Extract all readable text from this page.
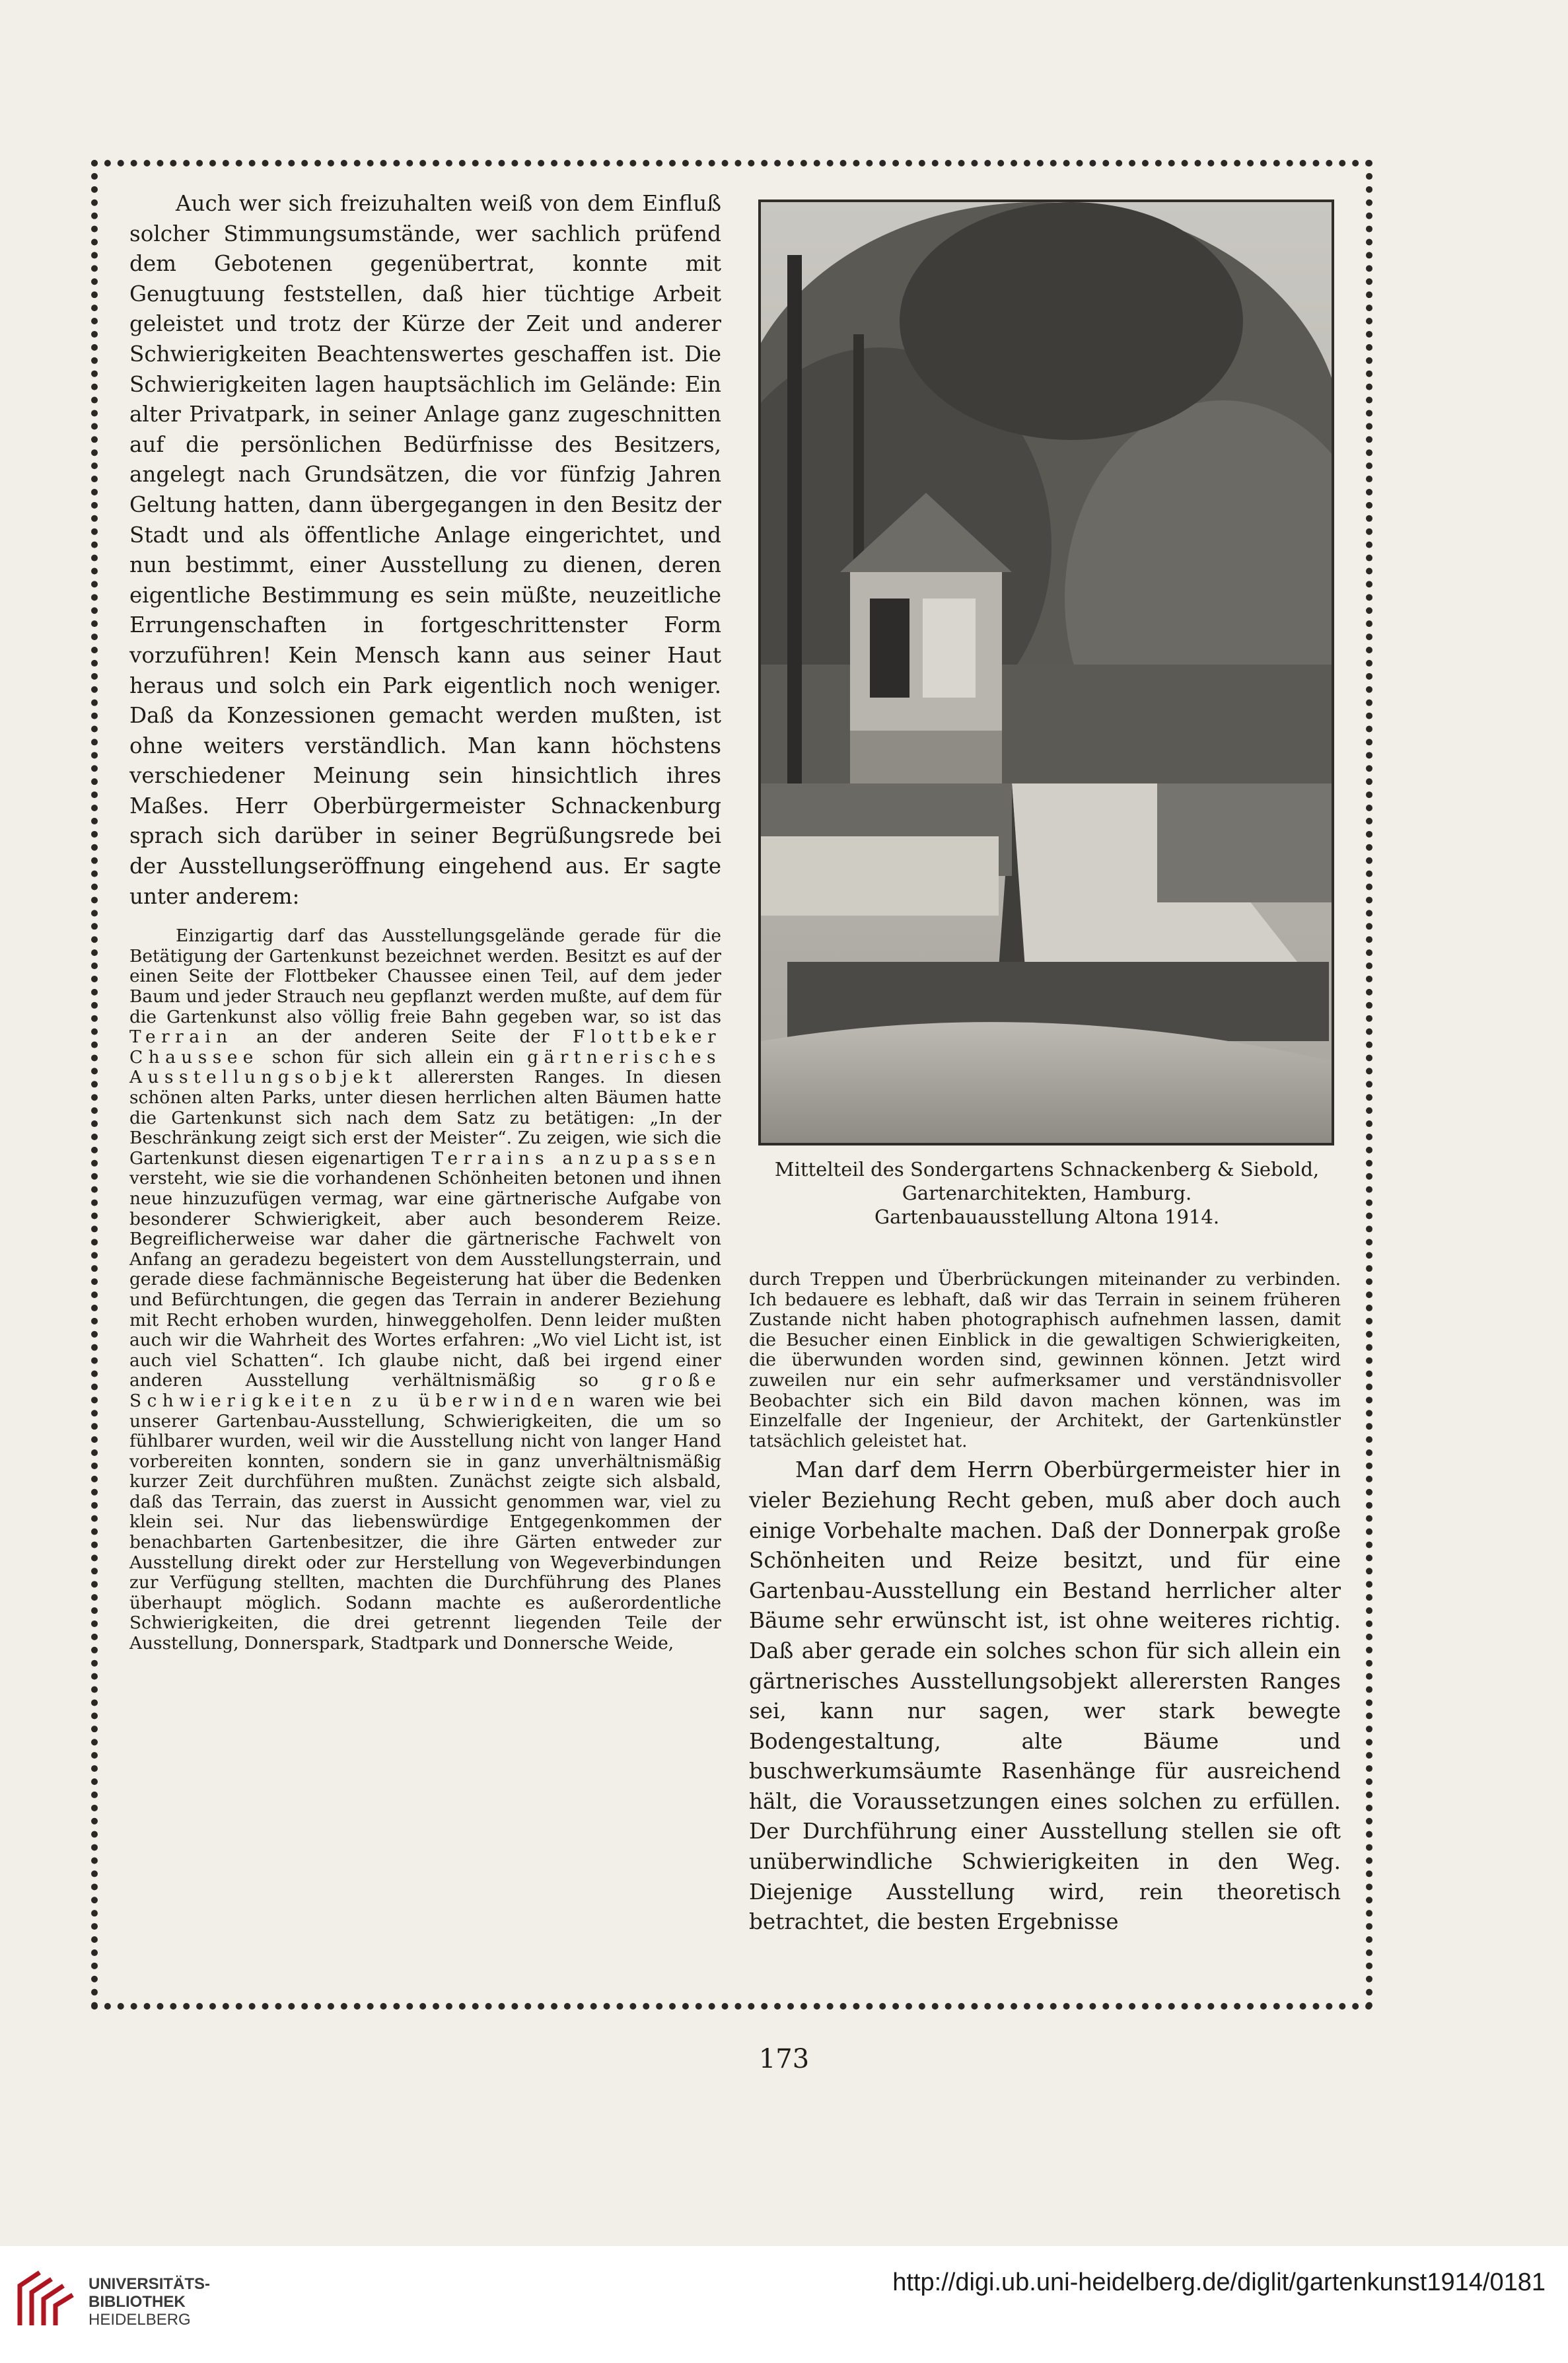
Auch wer sich freizuhalten weiß von dem Einfluß solcher Stimmungsumstände, wer sachlich prüfend dem Gebotenen gegenübertrat, konnte mit Genugtuung feststellen, daß hier tüchtige Arbeit geleistet und trotz der Kürze der Zeit und anderer Schwierigkeiten Beachtenswertes geschaffen ist. Die Schwierigkeiten lagen hauptsächlich im Gelände: Ein alter Privatpark, in seiner Anlage ganz zugeschnitten auf die persönlichen Bedürfnisse des Besitzers, angelegt nach Grundsätzen, die vor fünfzig Jahren Geltung hatten, dann übergegangen in den Besitz der Stadt und als öffentliche Anlage eingerichtet, und nun bestimmt, einer Ausstellung zu dienen, deren eigentliche Bestimmung es sein müßte, neuzeitliche Errungenschaften in fortgeschrittenster Form vorzuführen! Kein Mensch kann aus seiner Haut heraus und solch ein Park eigentlich noch weniger. Daß da Konzessionen gemacht werden mußten, ist ohne weiters verständlich. Man kann höchstens verschiedener Meinung sein hinsichtlich ihres Maßes. Herr Oberbürgermeister Schnackenburg sprach sich darüber in seiner Begrüßungsrede bei der Ausstellungseröffnung eingehend aus. Er sagte unter anderem:

Einzigartig darf das Ausstellungsgelände gerade für die Betätigung der Gartenkunst bezeichnet werden. Besitzt es auf der einen Seite der Flottbeker Chaussee einen Teil, auf dem jeder Baum und jeder Strauch neu gepflanzt werden mußte, auf dem für die Gartenkunst also völlig freie Bahn gegeben war, so ist das Terrain an der anderen Seite der Flottbeker Chaussee schon für sich allein ein gärtnerisches Ausstellungsobjekt allerersten Ranges. In diesen schönen alten Parks, unter diesen herrlichen alten Bäumen hatte die Gartenkunst sich nach dem Satz zu betätigen: „In der Beschränkung zeigt sich erst der Meister“. Zu zeigen, wie sich die Gartenkunst diesen eigenartigen Terrains anzupassen versteht, wie sie die vorhandenen Schönheiten betonen und ihnen neue hinzuzufügen vermag, war eine gärtnerische Aufgabe von besonderer Schwierigkeit, aber auch besonderem Reize. Begreiflicherweise war daher die gärtnerische Fachwelt von Anfang an geradezu begeistert von dem Ausstellungsterrain, und gerade diese fachmännische Begeisterung hat über die Bedenken und Befürchtungen, die gegen das Terrain in anderer Beziehung mit Recht erhoben wurden, hinweggeholfen. Denn leider mußten auch wir die Wahrheit des Wortes erfahren: „Wo viel Licht ist, ist auch viel Schatten“. Ich glaube nicht, daß bei irgend einer anderen Ausstellung verhältnismäßig so große Schwierigkeiten zu überwinden waren wie bei unserer Gartenbau-Ausstellung, Schwierigkeiten, die um so fühlbarer wurden, weil wir die Ausstellung nicht von langer Hand vorbereiten konnten, sondern sie in ganz unverhältnismäßig kurzer Zeit durchführen mußten. Zunächst zeigte sich alsbald, daß das Terrain, das zuerst in Aussicht genommen war, viel zu klein sei. Nur das liebenswürdige Entgegenkommen der benachbarten Gartenbesitzer, die ihre Gärten entweder zur Ausstellung direkt oder zur Herstellung von Wegeverbindungen zur Verfügung stellten, machten die Durchführung des Planes überhaupt möglich. Sodann machte es außerordentliche Schwierigkeiten, die drei getrennt liegenden Teile der Ausstellung, Donnerspark, Stadtpark und Donnersche Weide,

Mittelteil des Sondergartens Schnackenberg & Siebold,

Gartenarchitekten, Hamburg.

Gartenbauausstellung Altona 1914.

durch Treppen und Überbrückungen miteinander zu verbinden. Ich bedauere es lebhaft, daß wir das Terrain in seinem früheren Zustande nicht haben photographisch aufnehmen lassen, damit die Besucher einen Einblick in die gewaltigen Schwierigkeiten, die überwunden worden sind, gewinnen können. Jetzt wird zuweilen nur ein sehr aufmerksamer und verständnisvoller Beobachter sich ein Bild davon machen können, was im Einzelfalle der Ingenieur, der Architekt, der Gartenkünstler tatsächlich geleistet hat.

Man darf dem Herrn Oberbürgermeister hier in vieler Beziehung Recht geben, muß aber doch auch einige Vorbehalte machen. Daß der Donnerpak große Schönheiten und Reize besitzt, und für eine Gartenbau-Ausstellung ein Bestand herrlicher alter Bäume sehr erwünscht ist, ist ohne weiteres richtig. Daß aber gerade ein solches schon für sich allein ein gärtnerisches Ausstellungsobjekt allerersten Ranges sei, kann nur sagen, wer stark bewegte Bodengestaltung, alte Bäume und buschwerkumsäumte Rasenhänge für ausreichend hält, die Voraussetzungen eines solchen zu erfüllen. Der Durchführung einer Ausstellung stellen sie oft unüberwindliche Schwierigkeiten in den Weg. Diejenige Ausstellung wird, rein theoretisch betrachtet, die besten Ergebnisse

173
UNIVERSITÄTS-
BIBLIOTHEK
HEIDELBERG
http://digi.ub.uni-heidelberg.de/diglit/gartenkunst1914/0181
